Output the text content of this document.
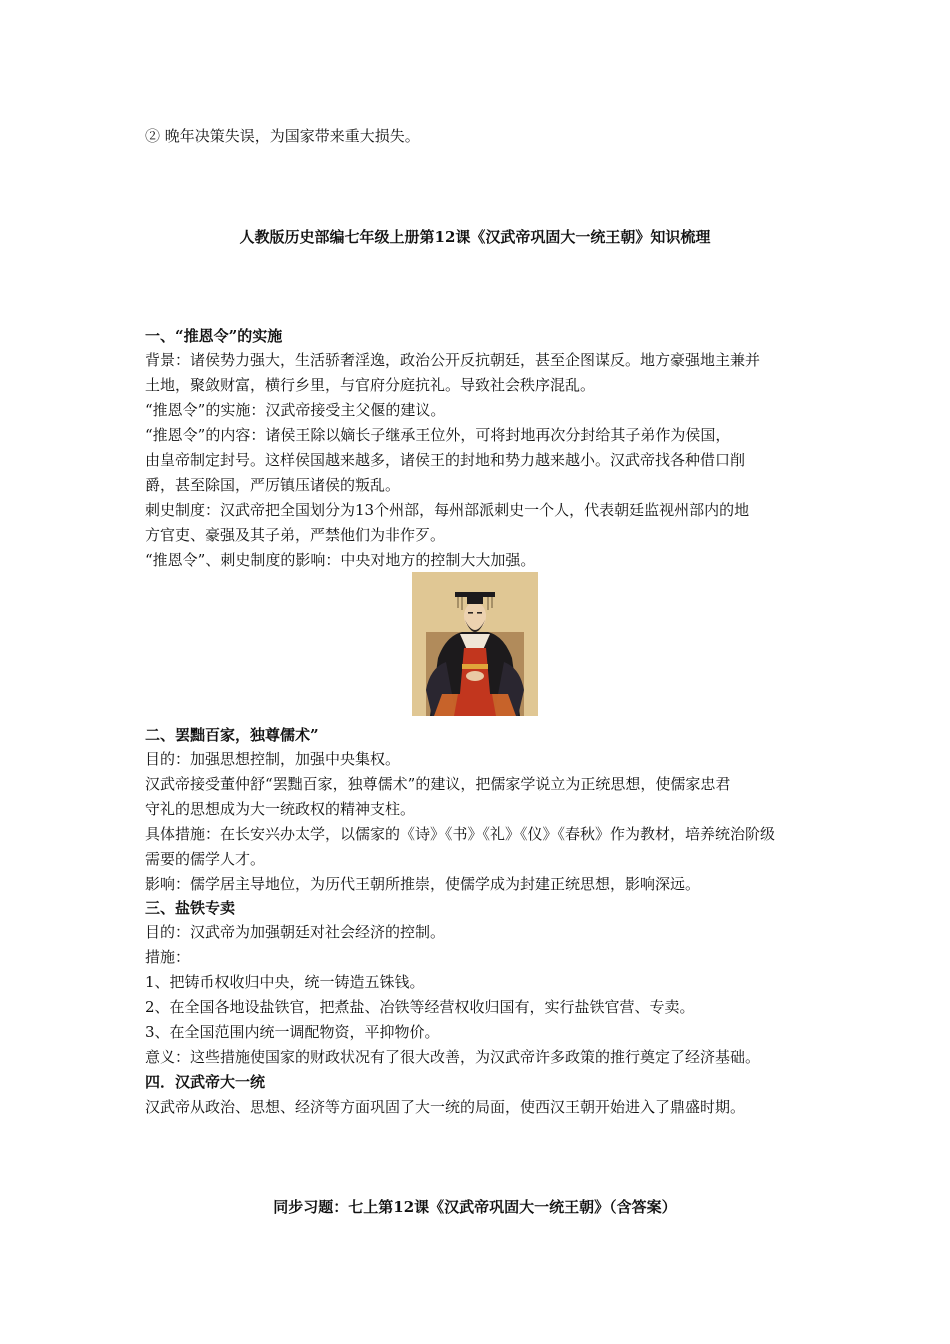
② 晚年决策失误，为国家带来重大损失。
人教版历史部编七年级上册第12课《汉武帝巩固大一统王朝》知识梳理
一、“推恩令”的实施
背景：诸侯势力强大，生活骄奢淫逸，政治公开反抗朝廷，甚至企图谋反。地方豪强地主兼并
土地，聚敛财富，横行乡里，与官府分庭抗礼。导致社会秩序混乱。
“推恩令”的实施：汉武帝接受主父偃的建议。
“推恩令”的内容：诸侯王除以嫡长子继承王位外，可将封地再次分封给其子弟作为侯国，
由皇帝制定封号。这样侯国越来越多，诸侯王的封地和势力越来越小。汉武帝找各种借口削
爵，甚至除国，严厉镇压诸侯的叛乱。
刺史制度：汉武帝把全国划分为13个州部，每州部派刺史一个人，代表朝廷监视州部内的地
方官吏、豪强及其子弟，严禁他们为非作歹。
“推恩令”、刺史制度的影响：中央对地方的控制大大加强。
二、罢黜百家，独尊儒术”
目的：加强思想控制，加强中央集权。
汉武帝接受董仲舒“罢黜百家，独尊儒术”的建议，把儒家学说立为正统思想，使儒家忠君
守礼的思想成为大一统政权的精神支柱。
具体措施：在长安兴办太学，以儒家的《诗》《书》《礼》《仪》《春秋》作为教材，培养统治阶级
需要的儒学人才。
影响：儒学居主导地位，为历代王朝所推崇，使儒学成为封建正统思想，影响深远。
三、盐铁专卖
目的：汉武帝为加强朝廷对社会经济的控制。
措施：
1、把铸币权收归中央，统一铸造五铢钱。
2、在全国各地设盐铁官，把煮盐、冶铁等经营权收归国有，实行盐铁官营、专卖。
3、在全国范围内统一调配物资，平抑物价。
意义：这些措施使国家的财政状况有了很大改善，为汉武帝许多政策的推行奠定了经济基础。
四．汉武帝大一统
汉武帝从政治、思想、经济等方面巩固了大一统的局面，使西汉王朝开始进入了鼎盛时期。
同步习题：七上第12课《汉武帝巩固大一统王朝》（含答案）
